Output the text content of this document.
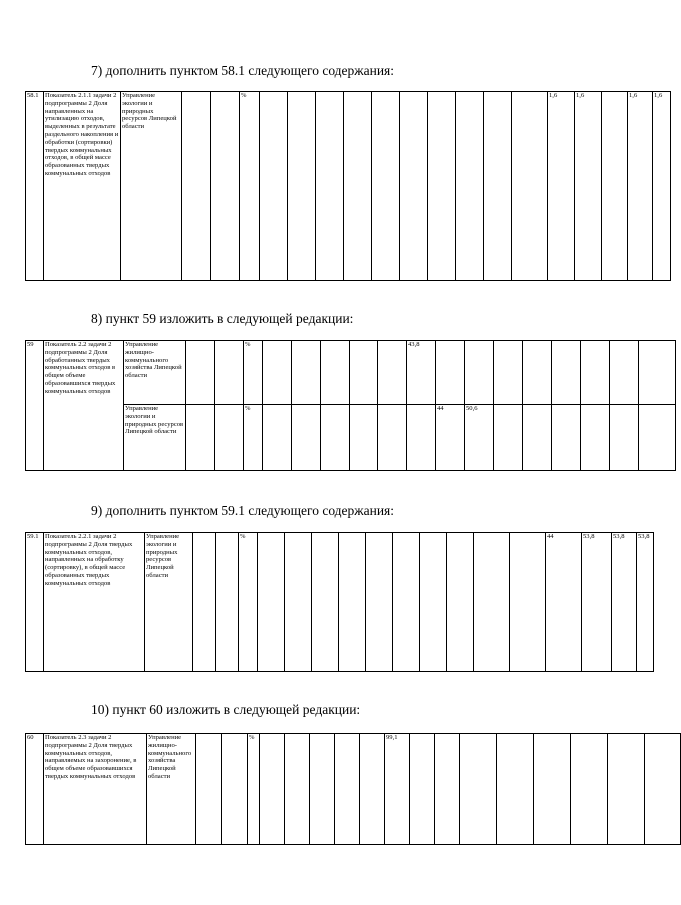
7) дополнить пунктом 58.1 следующего содержания:
58.1	Показатель 2.1.1 задачи 2 подпрограммы 2 Доля направленных на утилизацию отходов, выделенных в результате раздельного накопления и обработки (сортировки) твердых коммунальных отходов, в общей массе образованных твердых коммунальных отходов	Управление экологии и природных ресурсов Липецкой области			%											1,6	1,6		1,6	1,6
8) пункт 59 изложить в следующей редакции:
59	Показатель 2.2 задачи 2 подпрограммы 2 Доля обработанных твердых коммунальных отходов в общем объеме образовавшихся твердых коммунальных отходов	Управление жилищно-коммунального хозяйства Липецкой области			%						43,8								
		Управление экологии и природных ресурсов Липецкой области			%							44	50,6						
9) дополнить пунктом 59.1 следующего содержания:
59.1	Показатель 2.2.1 задачи 2 подпрограммы 2 Доля твердых коммунальных отходов, направленных на обработку (сортировку), в общей массе образованных твердых коммунальных отходов	Управление экологии и природных ресурсов Липецкой области			%											44	53,8	53,8	53,8
10) пункт 60 изложить в следующей редакции:
60	Показатель 2.3 задачи 2 подпрограммы 2 Доля твердых коммунальных отходов, направляемых на захоронение, в общем объеме образовавшихся твердых коммунальных отходов	Управление жилищно-коммунального хозяйства Липецкой области			%						99,1								
